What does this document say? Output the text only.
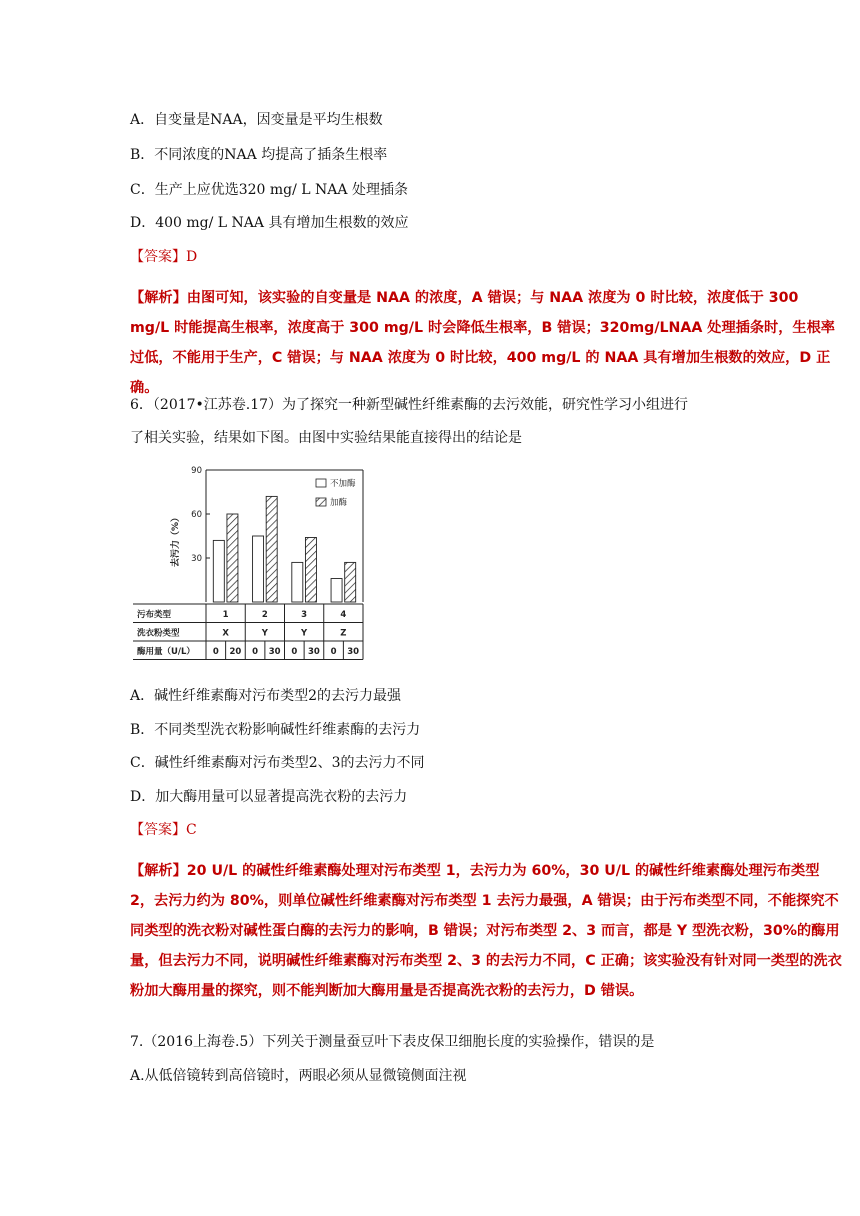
A．自变量是NAA，因变量是平均生根数
B．不同浓度的NAA 均提高了插条生根率
C．生产上应优选320 mg/ L NAA 处理插条
D．400 mg/ L NAA 具有增加生根数的效应
【答案】D
【解析】由图可知，该实验的自变量是 NAA 的浓度，A 错误；与 NAA 浓度为 0 时比较，浓度低于 300 mg/L 时能提高生根率，浓度高于 300 mg/L 时会降低生根率，B 错误；320mg/LNAA 处理插条时，生根率过低，不能用于生产，C 错误；与 NAA 浓度为 0 时比较，400 mg/L 的 NAA 具有增加生根数的效应，D 正确。
6．（2017•江苏卷.17）为了探究一种新型碱性纤维素酶的去污效能，研究性学习小组进行
了相关实验，结果如下图。由图中实验结果能直接得出的结论是
30
60
90
去污力（%）
不加酶
加酶
污布类型
洗衣粉类型
酶用量（U/L）
1
X
0 20
2
Y
0 30
3
Y
0 30
4
Z
0 30
A．碱性纤维素酶对污布类型2的去污力最强
B．不同类型洗衣粉影响碱性纤维素酶的去污力
C．碱性纤维素酶对污布类型2、3的去污力不同
D．加大酶用量可以显著提高洗衣粉的去污力
【答案】C
【解析】20 U/L 的碱性纤维素酶处理对污布类型 1，去污力为 60%，30 U/L 的碱性纤维素酶处理污布类型 2，去污力约为 80%，则单位碱性纤维素酶对污布类型 1 去污力最强，A 错误；由于污布类型不同，不能探究不同类型的洗衣粉对碱性蛋白酶的去污力的影响，B 错误；对污布类型 2、3 而言，都是 Y 型洗衣粉，30%的酶用量，但去污力不同，说明碱性纤维素酶对污布类型 2、3 的去污力不同，C 正确；该实验没有针对同一类型的洗衣粉加大酶用量的探究，则不能判断加大酶用量是否提高洗衣粉的去污力，D 错误。
7.（2016上海卷.5）下列关于测量蚕豆叶下表皮保卫细胞长度的实验操作，错误的是
A.从低倍镜转到高倍镜时，两眼必须从显微镜侧面注视
